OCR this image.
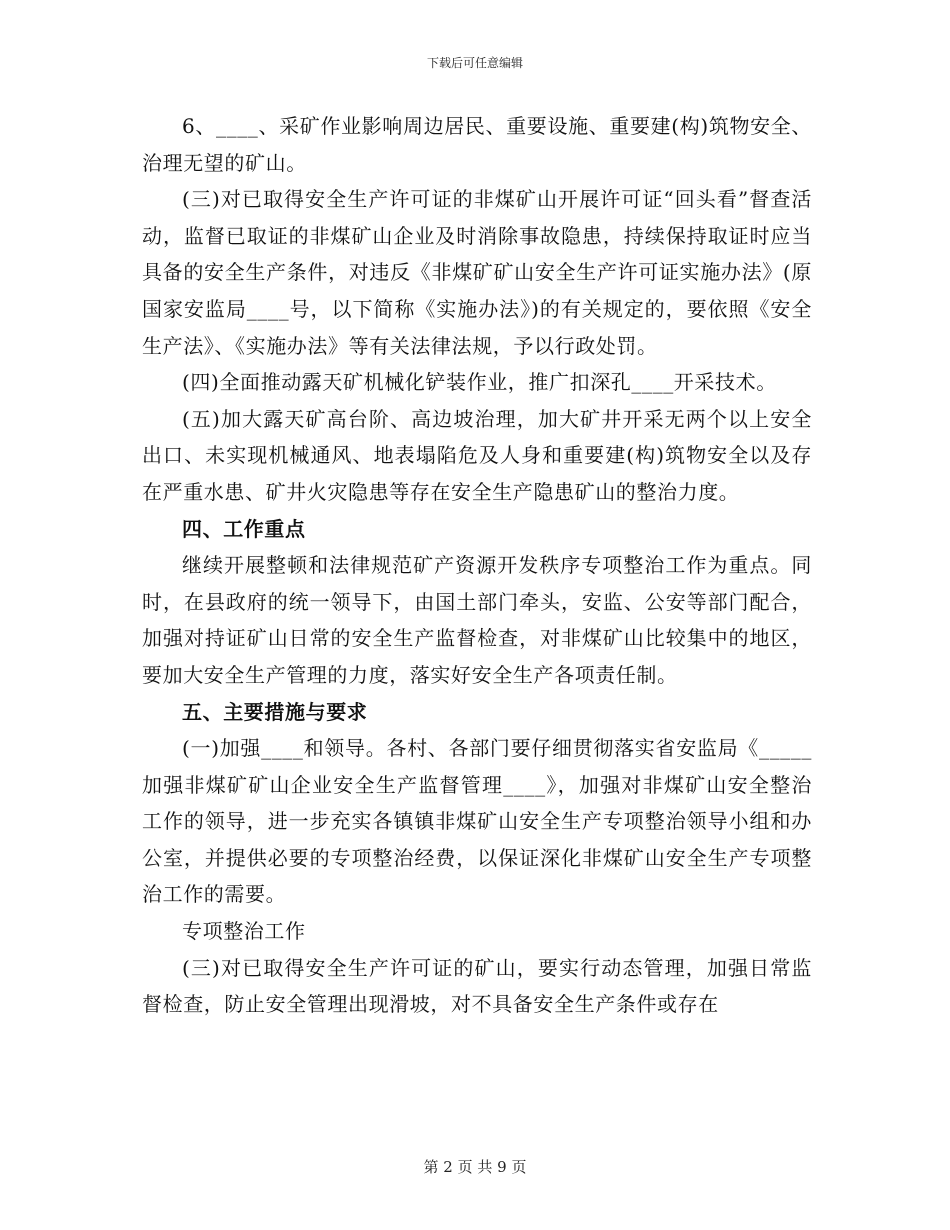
下载后可任意编辑

6、____、采矿作业影响周边居民、重要设施、重要建(构)筑物安全、治理无望的矿山。

(三)对已取得安全生产许可证的非煤矿山开展许可证“回头看”督查活动，监督已取证的非煤矿山企业及时消除事故隐患，持续保持取证时应当具备的安全生产条件，对违反《非煤矿矿山安全生产许可证实施办法》(原国家安监局____号，以下简称《实施办法》)的有关规定的，要依照《安全生产法》、《实施办法》等有关法律法规，予以行政处罚。

(四)全面推动露天矿机械化铲装作业，推广扣深孔____开采技术。

(五)加大露天矿高台阶、高边坡治理，加大矿井开采无两个以上安全出口、未实现机械通风、地表塌陷危及人身和重要建(构)筑物安全以及存在严重水患、矿井火灾隐患等存在安全生产隐患矿山的整治力度。

四、工作重点

继续开展整顿和法律规范矿产资源开发秩序专项整治工作为重点。同时，在县政府的统一领导下，由国土部门牵头，安监、公安等部门配合，加强对持证矿山日常的安全生产监督检查，对非煤矿山比较集中的地区，要加大安全生产管理的力度，落实好安全生产各项责任制。

五、主要措施与要求

(一)加强____和领导。各村、各部门要仔细贯彻落实省安监局《_____加强非煤矿矿山企业安全生产监督管理____》，加强对非煤矿山安全整治工作的领导，进一步充实各镇镇非煤矿山安全生产专项整治领导小组和办公室，并提供必要的专项整治经费，以保证深化非煤矿山安全生产专项整治工作的需要。

专项整治工作

(三)对已取得安全生产许可证的矿山，要实行动态管理，加强日常监督检查，防止安全管理出现滑坡，对不具备安全生产条件或存在

第 2 页 共 9 页
